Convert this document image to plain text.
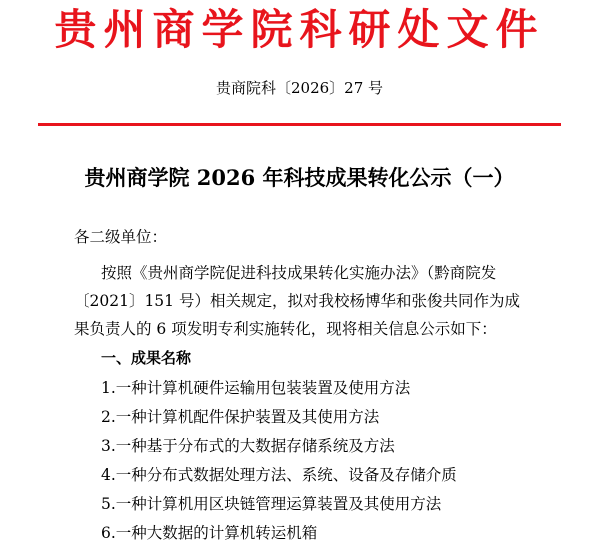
贵州商学院科研处文件
贵商院科〔2026〕27 号
贵州商学院 2026 年科技成果转化公示（一）
各二级单位：
按照《贵州商学院促进科技成果转化实施办法》（黔商院发
〔2021〕151 号）相关规定，拟对我校杨博华和张俊共同作为成
果负责人的 6 项发明专利实施转化，现将相关信息公示如下：
一、成果名称
1.一种计算机硬件运输用包装装置及使用方法
2.一种计算机配件保护装置及其使用方法
3.一种基于分布式的大数据存储系统及方法
4.一种分布式数据处理方法、系统、设备及存储介质
5.一种计算机用区块链管理运算装置及其使用方法
6.一种大数据的计算机转运机箱
